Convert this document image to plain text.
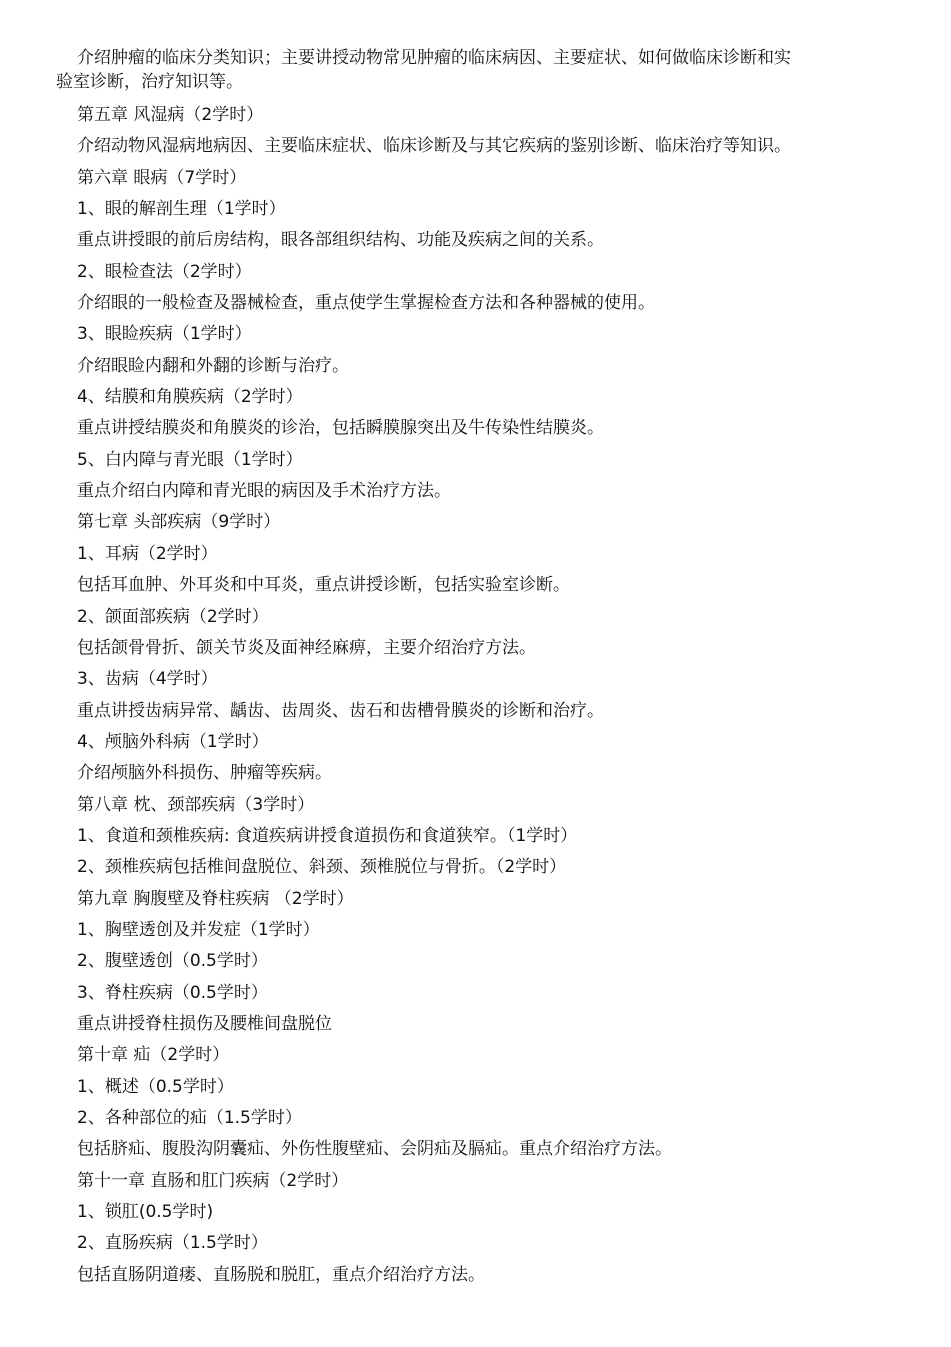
介绍肿瘤的临床分类知识；主要讲授动物常见肿瘤的临床病因、主要症状、如何做临床诊断和实
验室诊断，治疗知识等。
第五章 风湿病（2学时）
介绍动物风湿病地病因、主要临床症状、临床诊断及与其它疾病的鉴别诊断、临床治疗等知识。
第六章 眼病（7学时）
1、眼的解剖生理（1学时）
重点讲授眼的前后房结构，眼各部组织结构、功能及疾病之间的关系。
2、眼检查法（2学时）
介绍眼的一般检查及器械检查，重点使学生掌握检查方法和各种器械的使用。
3、眼睑疾病（1学时）
介绍眼睑内翻和外翻的诊断与治疗。
4、结膜和角膜疾病（2学时）
重点讲授结膜炎和角膜炎的诊治，包括瞬膜腺突出及牛传染性结膜炎。
5、白内障与青光眼（1学时）
重点介绍白内障和青光眼的病因及手术治疗方法。
第七章 头部疾病（9学时）
1、耳病（2学时）
包括耳血肿、外耳炎和中耳炎，重点讲授诊断，包括实验室诊断。
2、颌面部疾病（2学时）
包括颌骨骨折、颌关节炎及面神经麻痹，主要介绍治疗方法。
3、齿病（4学时）
重点讲授齿病异常、龋齿、齿周炎、齿石和齿槽骨膜炎的诊断和治疗。
4、颅脑外科病（1学时）
介绍颅脑外科损伤、肿瘤等疾病。
第八章 枕、颈部疾病（3学时）
1、食道和颈椎疾病: 食道疾病讲授食道损伤和食道狭窄。（1学时）
2、颈椎疾病包括椎间盘脱位、斜颈、颈椎脱位与骨折。（2学时）
第九章 胸腹壁及脊柱疾病 （2学时）
1、胸壁透创及并发症（1学时）
2、腹壁透创（0.5学时）
3、脊柱疾病（0.5学时）
重点讲授脊柱损伤及腰椎间盘脱位
第十章 疝（2学时）
1、概述（0.5学时）
2、各种部位的疝（1.5学时）
包括脐疝、腹股沟阴囊疝、外伤性腹壁疝、会阴疝及膈疝。重点介绍治疗方法。
第十一章 直肠和肛门疾病（2学时）
1、锁肛(0.5学时)
2、直肠疾病（1.5学时）
包括直肠阴道瘘、直肠脱和脱肛，重点介绍治疗方法。
